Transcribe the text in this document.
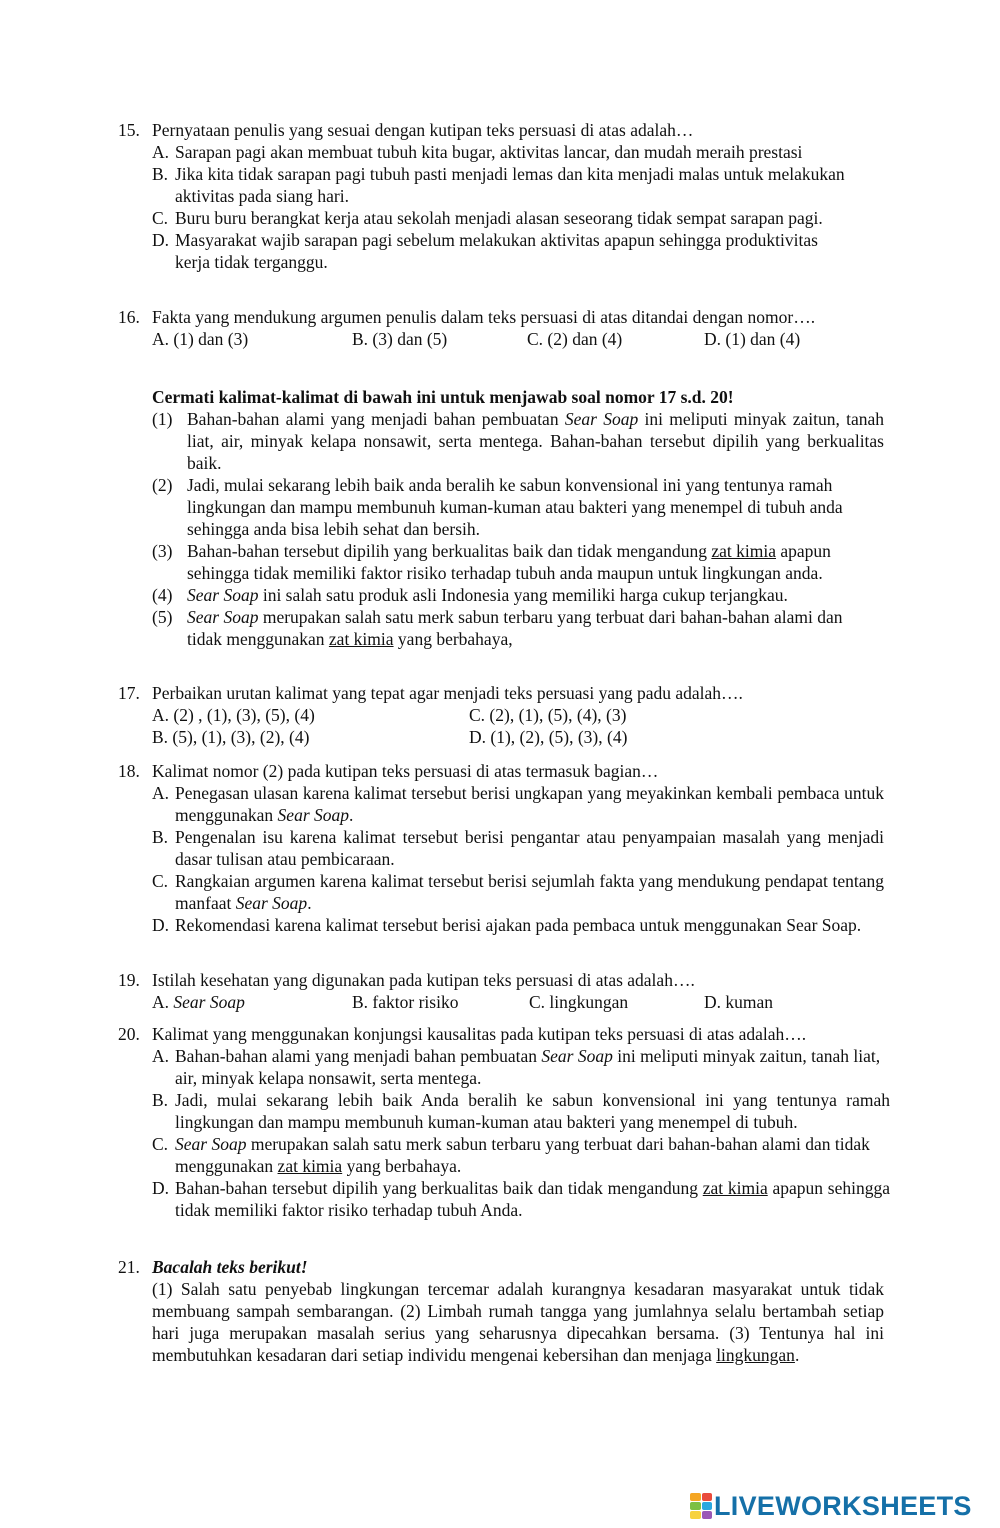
15. Pernyataan penulis yang sesuai dengan kutipan teks persuasi di atas adalah…
A. Sarapan pagi akan membuat tubuh kita bugar, aktivitas lancar, dan mudah meraih prestasi
B. Jika kita tidak sarapan pagi tubuh pasti menjadi lemas dan kita menjadi malas untuk melakukan aktivitas pada siang hari.
C. Buru buru berangkat kerja atau sekolah menjadi alasan seseorang tidak sempat sarapan pagi.
D. Masyarakat wajib sarapan pagi sebelum melakukan aktivitas apapun sehingga produktivitas kerja tidak terganggu.
16. Fakta yang mendukung argumen penulis dalam teks persuasi di atas ditandai dengan nomor….
A. (1) dan (3)	B. (3) dan (5)	C. (2) dan (4)	D. (1) dan (4)
Cermati kalimat-kalimat di bawah ini untuk menjawab soal nomor 17 s.d. 20!
(1) Bahan-bahan alami yang menjadi bahan pembuatan Sear Soap ini meliputi minyak zaitun, tanah liat, air, minyak kelapa nonsawit, serta mentega. Bahan-bahan tersebut dipilih yang berkualitas baik.
(2) Jadi, mulai sekarang lebih baik anda beralih ke sabun konvensional ini yang tentunya ramah lingkungan dan mampu membunuh kuman-kuman atau bakteri yang menempel di tubuh anda sehingga anda bisa lebih sehat dan bersih.
(3) Bahan-bahan tersebut dipilih yang berkualitas baik dan tidak mengandung zat kimia apapun sehingga tidak memiliki faktor risiko terhadap tubuh anda maupun untuk lingkungan anda.
(4) Sear Soap ini salah satu produk asli Indonesia yang memiliki harga cukup terjangkau.
(5) Sear Soap merupakan salah satu merk sabun terbaru yang terbuat dari bahan-bahan alami dan tidak menggunakan zat kimia yang berbahaya,
17. Perbaikan urutan kalimat yang tepat agar menjadi teks persuasi yang padu adalah….
A. (2) , (1), (3), (5), (4)	C. (2), (1), (5), (4), (3)
B. (5), (1), (3), (2), (4)	D. (1), (2), (5), (3), (4)
18. Kalimat nomor (2) pada kutipan teks persuasi di atas termasuk bagian…
A. Penegasan ulasan karena kalimat tersebut berisi ungkapan yang meyakinkan kembali pembaca untuk menggunakan Sear Soap.
B. Pengenalan isu karena kalimat tersebut berisi pengantar atau penyampaian masalah yang menjadi dasar tulisan atau pembicaraan.
C. Rangkaian argumen karena kalimat tersebut berisi sejumlah fakta yang mendukung pendapat tentang manfaat Sear Soap.
D. Rekomendasi karena kalimat tersebut berisi ajakan pada pembaca untuk menggunakan Sear Soap.
19. Istilah kesehatan yang digunakan pada kutipan teks persuasi di atas adalah….
A. Sear Soap	B. faktor risiko	C. lingkungan	D. kuman
20. Kalimat yang menggunakan konjungsi kausalitas pada kutipan teks persuasi di atas adalah….
A. Bahan-bahan alami yang menjadi bahan pembuatan Sear Soap ini meliputi minyak zaitun, tanah liat, air, minyak kelapa nonsawit, serta mentega.
B. Jadi, mulai sekarang lebih baik Anda beralih ke sabun konvensional ini yang tentunya ramah lingkungan dan mampu membunuh kuman-kuman atau bakteri yang menempel di tubuh.
C. Sear Soap merupakan salah satu merk sabun terbaru yang terbuat dari bahan-bahan alami dan tidak menggunakan zat kimia yang berbahaya.
D. Bahan-bahan tersebut dipilih yang berkualitas baik dan tidak mengandung zat kimia apapun sehingga tidak memiliki faktor risiko terhadap tubuh Anda.
21. Bacalah teks berikut!
(1) Salah satu penyebab lingkungan tercemar adalah kurangnya kesadaran masyarakat untuk tidak membuang sampah sembarangan. (2) Limbah rumah tangga yang jumlahnya selalu bertambah setiap hari juga merupakan masalah serius yang seharusnya dipecahkan bersama. (3) Tentunya hal ini membutuhkan kesadaran dari setiap individu mengenai kebersihan dan menjaga lingkungan.
LIVEWORKSHEETS
